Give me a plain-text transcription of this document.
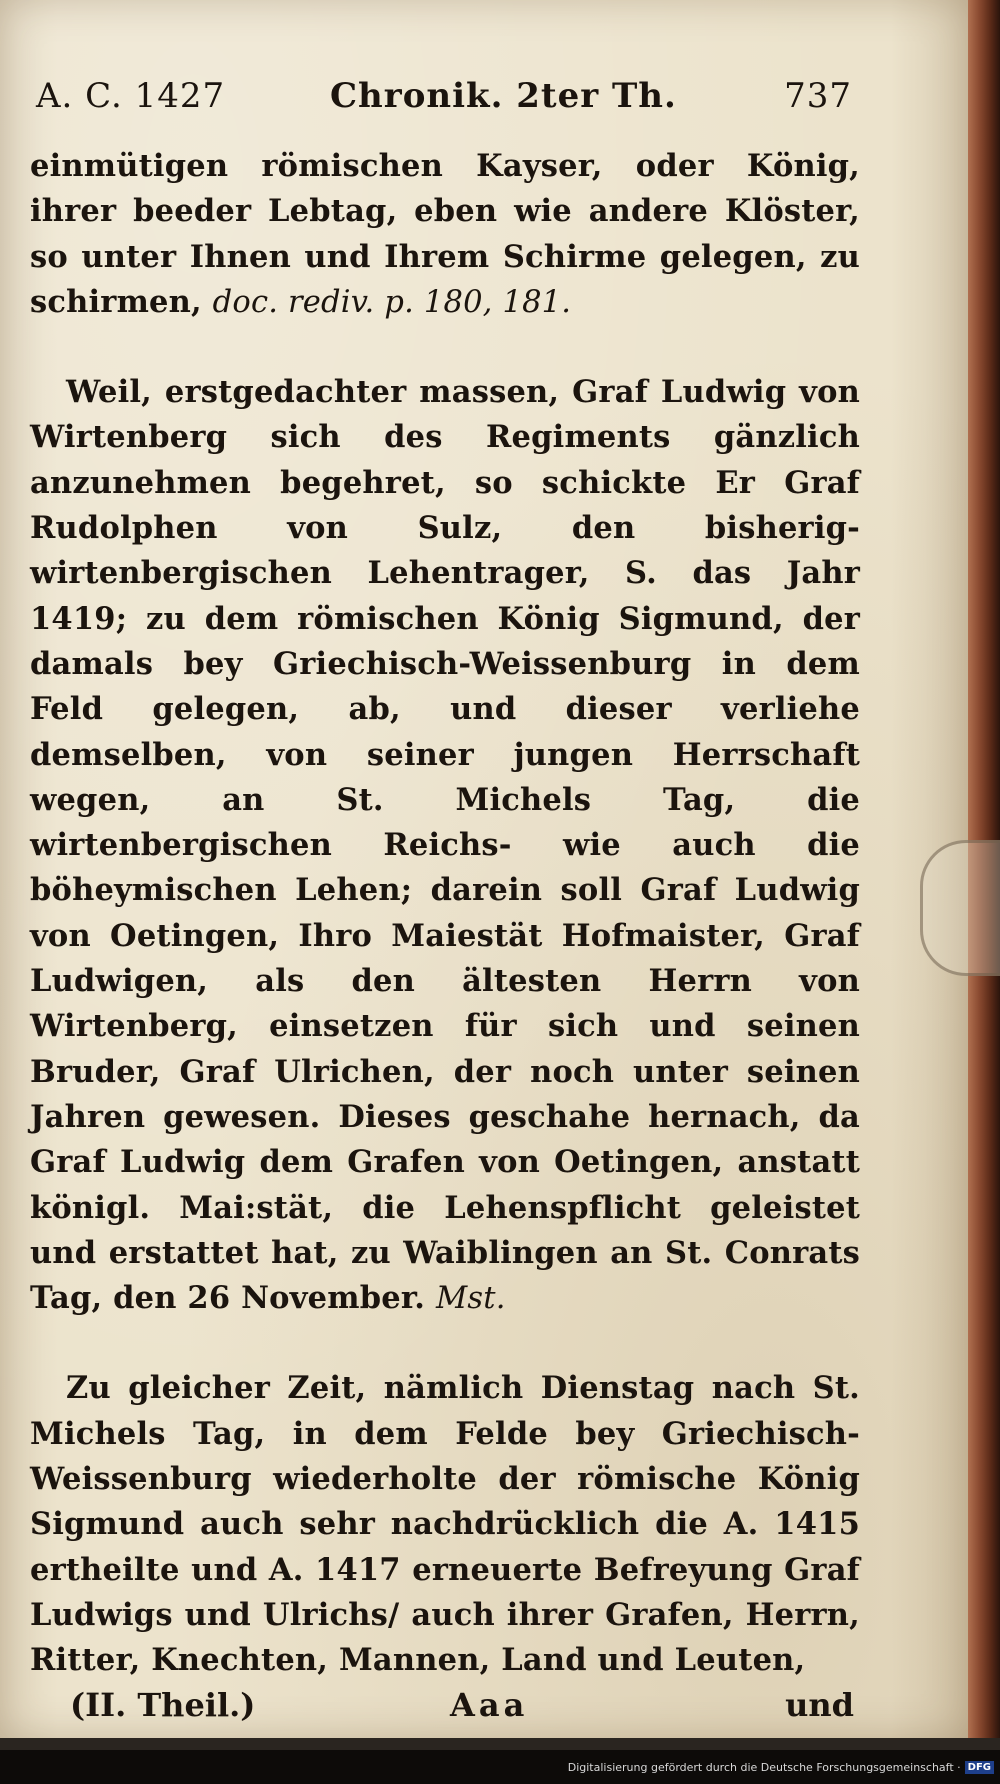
A. C. 1427	Chronik. 2ter Th.	737

einmütigen römischen Kayser, oder König, ihrer beeder Lebtag, eben wie andere Klöster, so unter Ihnen und Ihrem Schirme gelegen, zu schirmen, doc. rediv. p. 180, 181.

Weil, erstgedachter massen, Graf Ludwig von Wirtenberg sich des Regiments gänzlich anzunehmen begehret, so schickte Er Graf Rudolphen von Sulz, den bisherig-wirtenbergischen Lehentrager, S. das Jahr 1419; zu dem römischen König Sigmund, der damals bey Griechisch-Weissenburg in dem Feld gelegen, ab, und dieser verliehe demselben, von seiner jungen Herrschaft wegen, an St. Michels Tag, die wirtenbergischen Reichs- wie auch die böheymischen Lehen; darein soll Graf Ludwig von Oetingen, Ihro Maiestät Hofmaister, Graf Ludwigen, als den ältesten Herrn von Wirtenberg, einsetzen für sich und seinen Bruder, Graf Ulrichen, der noch unter seinen Jahren gewesen. Dieses geschahe hernach, da Graf Ludwig dem Grafen von Oetingen, anstatt königl. Mai:stät, die Lehenspflicht geleistet und erstattet hat, zu Waiblingen an St. Conrats Tag, den 26 November. Mst.

Zu gleicher Zeit, nämlich Dienstag nach St. Michels Tag, in dem Felde bey Griechisch-Weissenburg wiederholte der römische König Sigmund auch sehr nachdrücklich die A. 1415 ertheilte und A. 1417 erneuerte Befreyung Graf Ludwigs und Ulrichs/ auch ihrer Grafen, Herrn, Ritter, Knechten, Mannen, Land und Leuten,

(II. Theil.)	Aaa	und
Digitalisierung gefördert durch die Deutsche Forschungsgemeinschaft · DFG
